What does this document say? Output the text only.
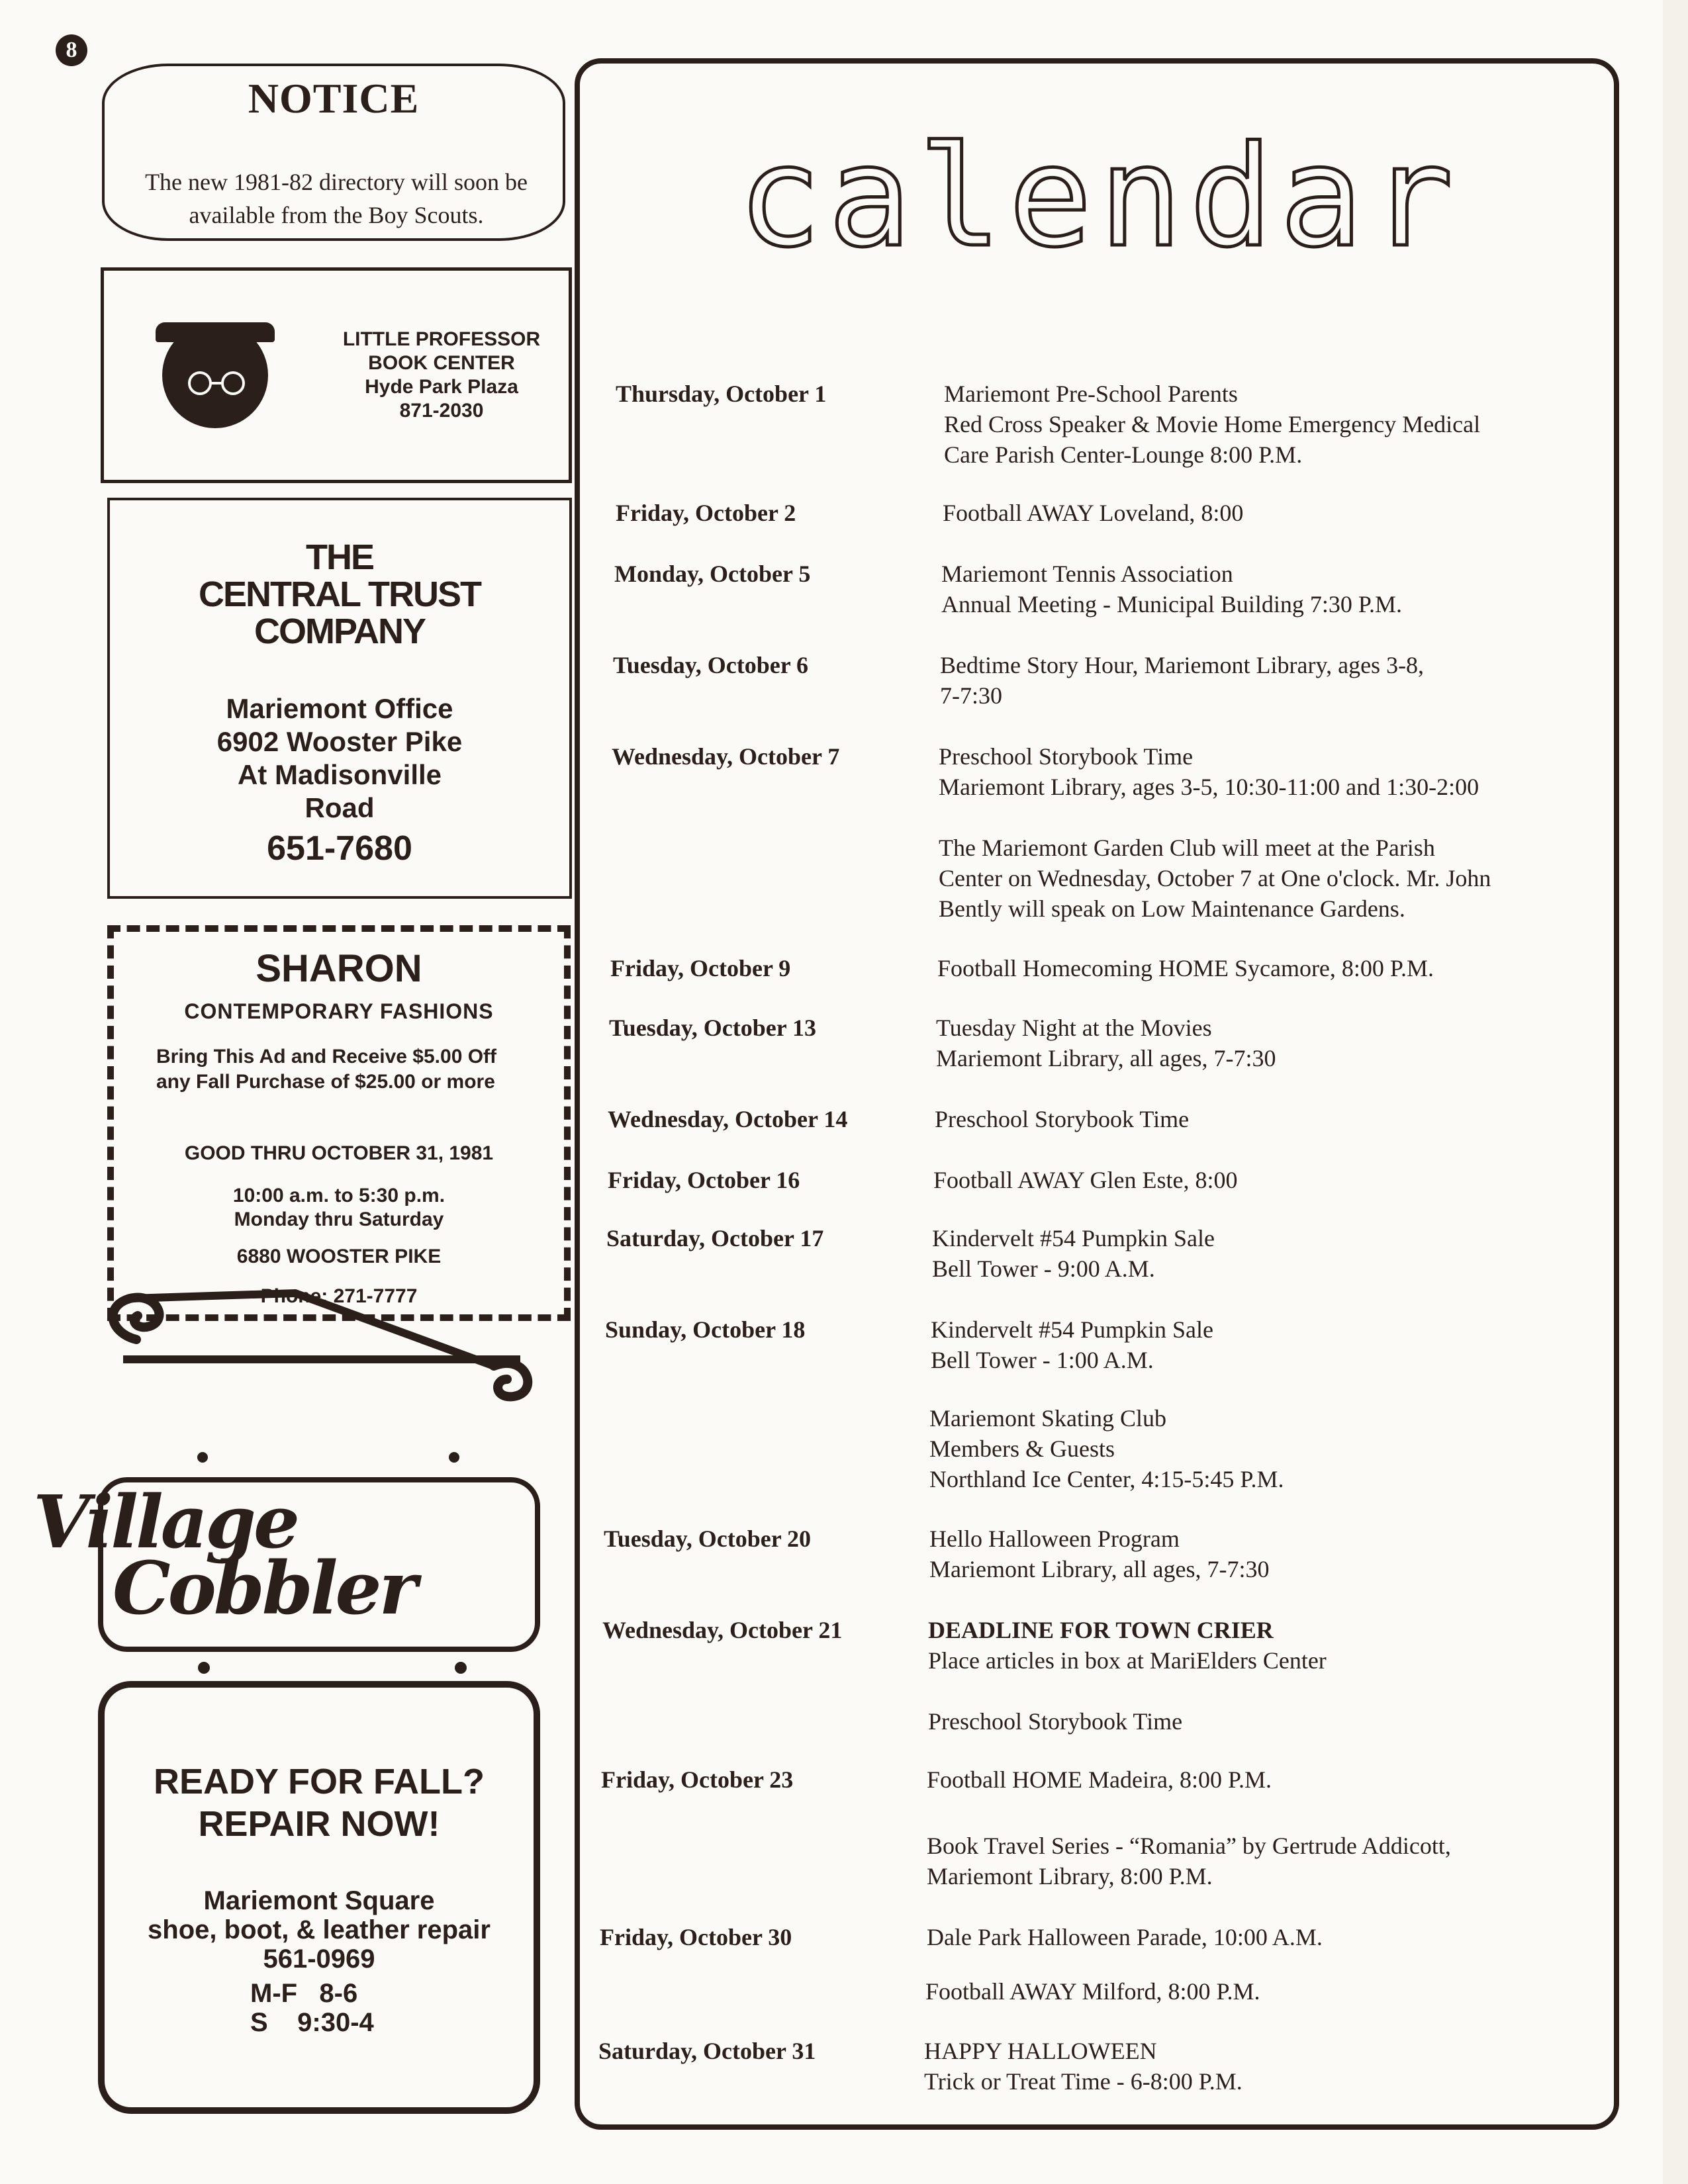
8
NOTICE
The new 1981-82 directory will soon be available from the Boy Scouts.
LITTLE PROFESSOR
BOOK CENTER
Hyde Park Plaza
871-2030
THE
CENTRAL TRUST
COMPANY
Mariemont Office
6902 Wooster Pike
At Madisonville
Road
651-7680
SHARON
CONTEMPORARY FASHIONS
Bring This Ad and Receive $5.00 Off any Fall Purchase of $25.00 or more
GOOD THRU OCTOBER 31, 1981
10:00 a.m. to 5:30 p.m.
Monday thru Saturday
6880 WOOSTER PIKE
Phone: 271-7777
Village
Cobbler
READY FOR FALL?
REPAIR NOW!
Mariemont Square
shoe, boot, & leather repair
561-0969
M-F   8-6
S    9:30-4
calendar
Thursday, October 1	Mariemont Pre-School Parents
Red Cross Speaker & Movie Home Emergency Medical
Care Parish Center-Lounge 8:00 P.M.
Friday, October 2	Football AWAY Loveland, 8:00
Monday, October 5	Mariemont Tennis Association
Annual Meeting - Municipal Building 7:30 P.M.
Tuesday, October 6	Bedtime Story Hour, Mariemont Library, ages 3-8,
7-7:30
Wednesday, October 7	Preschool Storybook Time
Mariemont Library, ages 3-5, 10:30-11:00 and 1:30-2:00
The Mariemont Garden Club will meet at the Parish
Center on Wednesday, October 7 at One o'clock. Mr. John
Bently will speak on Low Maintenance Gardens.
Friday, October 9	Football Homecoming HOME Sycamore, 8:00 P.M.
Tuesday, October 13	Tuesday Night at the Movies
Mariemont Library, all ages, 7-7:30
Wednesday, October 14	Preschool Storybook Time
Friday, October 16	Football AWAY Glen Este, 8:00
Saturday, October 17	Kindervelt #54 Pumpkin Sale
Bell Tower - 9:00 A.M.
Sunday, October 18	Kindervelt #54 Pumpkin Sale
Bell Tower - 1:00 A.M.
Mariemont Skating Club
Members & Guests
Northland Ice Center, 4:15-5:45 P.M.
Tuesday, October 20	Hello Halloween Program
Mariemont Library, all ages, 7-7:30
Wednesday, October 21	DEADLINE FOR TOWN CRIER
Place articles in box at MariElders Center
Preschool Storybook Time
Friday, October 23	Football HOME Madeira, 8:00 P.M.
Book Travel Series - “Romania” by Gertrude Addicott,
Mariemont Library, 8:00 P.M.
Friday, October 30	Dale Park Halloween Parade, 10:00 A.M.
Football AWAY Milford, 8:00 P.M.
Saturday, October 31	HAPPY HALLOWEEN
Trick or Treat Time - 6-8:00 P.M.
